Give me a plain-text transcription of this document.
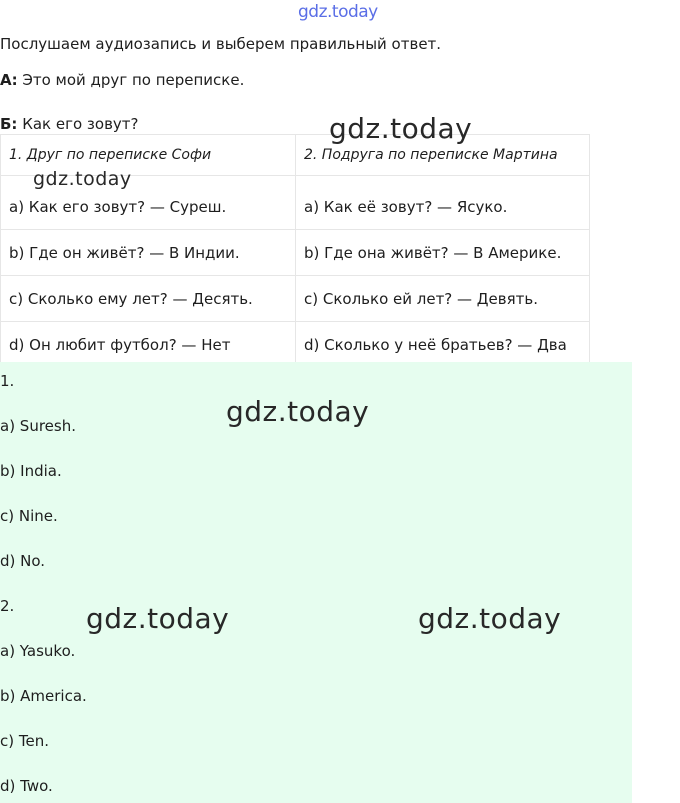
gdz.today
Послушаем аудиозапись и выберем правильный ответ.
А: Это мой друг по переписке.
Б: Как его зовут?
1. Друг по переписке Софи	2. Подруга по переписке Мартина
a) Как его зовут? — Суреш.	а) Как её зовут? — Ясуко.
b) Где он живёт? — В Индии.	b) Где она живёт? — В Америке.
c) Сколько ему лет? — Десять.	c) Сколько ей лет? — Девять.
d) Он любит футбол? — Нет	d) Сколько у неё братьев? — Два
1.
a) Suresh.
b) India.
c) Nine.
d) No.
2.
a) Yasuko.
b) America.
c) Ten.
d) Two.
gdz.today
gdz.today
gdz.today
gdz.today	gdz.today
